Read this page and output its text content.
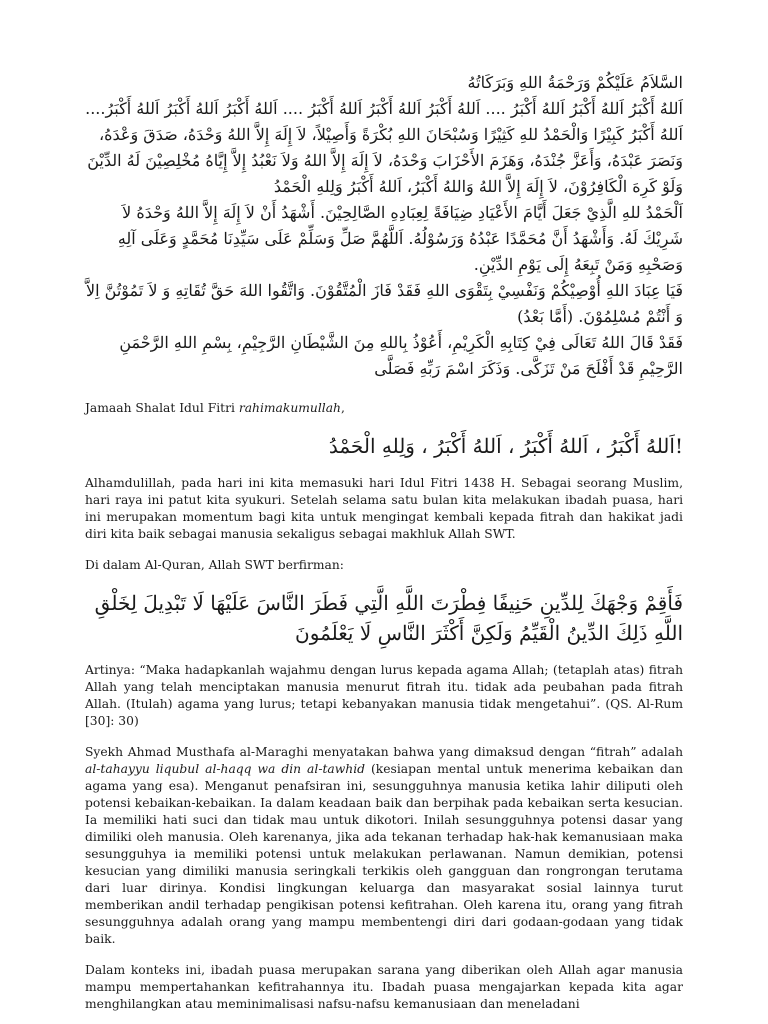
السَّلاَمُ عَلَيْكُمْ وَرَحْمَةُ اللهِ وَبَرَكَاتُهُ
اَللهُ أَكْبَرُ اَللهُ أَكْبَرُ اَللهُ أَكْبَرُ .... اَللهُ أَكْبَرُ اَللهُ أَكْبَرُ اَللهُ أَكْبَرُ .... اَللهُ أَكْبَرُ اَللهُ أَكْبَرُ اَللهُ أَكْبَرُ....
اَللهُ أَكْبَرُ كَبِيْرًا وَالْحَمْدُ للهِ كَثِيْرًا وَسُبْحَانَ اللهِ بُكْرَةً وَأَصِيْلاً، لاَ إِلَهَ إِلاَّ اللهُ وَحْدَهُ، صَدَقَ وَعْدَهُ، وَنَصَرَ عَبْدَهُ، وَأَعَزَّ جُنْدَهُ، وَهَزَمَ الأَحْزَابَ وَحْدَهُ، لاَ إِلَهَ إِلاَّ اللهُ وَلاَ نَعْبُدُ إِلاَّ إِيَّاهُ مُخْلِصِيْنَ لَهُ الدِّيْنَ وَلَوْ كَرِهَ الْكَافِرُوْنَ، لاَ إِلَهَ إِلاَّ اللهُ وَاللهُ أَكْبَرُ، اَللهُ أَكْبَرُ وَلِلهِ الْحَمْدُ
اَلْحَمْدُ للهِ الَّذِيْ جَعَلَ أَيَّامَ الأَعْيَادِ ضِيَافَةً لِعِبَادِهِ الصَّالِحِيْنَ. أَشْهَدُ أَنْ لاَ إِلَهَ إِلاَّ اللهُ وَحْدَهُ لاَ شَرِيْكَ لَهُ. وَأَشْهَدُ أَنَّ مُحَمَّدًا عَبْدُهُ وَرَسُوْلُهُ. اَللَّهُمَّ صَلِّ وَسَلِّمْ عَلَى سَيِّدِنَا مُحَمَّدٍ وَعَلَى آلِهِ وَصَحْبِهِ وَمَنْ تَبِعَهُ إِلَى يَوْمِ الدِّيْنِ.
فَيَا عِبَادَ اللهِ أُوْصِيْكُمْ وَنَفْسِيْ بِتَقْوَى اللهِ فَقَدْ فَازَ الْمُتَّقُوْنَ. وَاتَّقُوا اللهَ حَقَّ تُقَاتِهِ وَ لاَ تَمُوْتُنَّ اِلاَّ وَ أَنْتُمْ مُسْلِمُوْنَ. (أَمَّا بَعْدُ)
فَقَدْ قَالَ اللهُ تَعَالَى فِيْ كِتَابِهِ الْكَرِيْمِ، أَعُوْذُ بِاللهِ مِنَ الشَّيْطَانِ الرَّجِيْمِ، بِسْمِ اللهِ الرَّحْمَنِ الرَّحِيْمِ قَدْ أَفْلَحَ مَنْ تَزَكَّى. وَذَكَرَ اسْمَ رَبِّهِ فَصَلَّى

Jamaah Shalat Idul Fitri rahimakumullah,

!اَللهُ أَكْبَرُ ، اَللهُ أَكْبَرُ ، اَللهُ أَكْبَرُ ، وَلِلهِ الْحَمْدُ

Alhamdulillah, pada hari ini kita memasuki hari Idul Fitri 1438 H. Sebagai seorang Muslim, hari raya ini patut kita syukuri. Setelah selama satu bulan kita melakukan ibadah puasa, hari ini merupakan momentum bagi kita untuk mengingat kembali kepada fitrah dan hakikat jadi diri kita baik sebagai manusia sekaligus sebagai makhluk Allah SWT.

Di dalam Al-Quran, Allah SWT berfirman:

فَأَقِمْ وَجْهَكَ لِلدِّينِ حَنِيفًا فِطْرَتَ اللَّهِ الَّتِي فَطَرَ النَّاسَ عَلَيْهَا لَا تَبْدِيلَ لِخَلْقِ اللَّهِ ذَلِكَ الدِّينُ الْقَيِّمُ وَلَكِنَّ أَكْثَرَ النَّاسِ لَا يَعْلَمُونَ

Artinya: “Maka hadapkanlah wajahmu dengan lurus kepada agama Allah; (tetaplah atas) fitrah Allah yang telah menciptakan manusia menurut fitrah itu. tidak ada peubahan pada fitrah Allah. (Itulah) agama yang lurus; tetapi kebanyakan manusia tidak mengetahui”. (QS. Al-Rum [30]: 30)

Syekh Ahmad Musthafa al-Maraghi menyatakan bahwa yang dimaksud dengan “fitrah” adalah al-tahayyu liqubul al-haqq wa din al-tawhid (kesiapan mental untuk menerima kebaikan dan agama yang esa). Menganut penafsiran ini, sesungguhnya manusia ketika lahir diliputi oleh potensi kebaikan-kebaikan. Ia dalam keadaan baik dan berpihak pada kebaikan serta kesucian. Ia memiliki hati suci dan tidak mau untuk dikotori. Inilah sesungguhnya potensi dasar yang dimiliki oleh manusia. Oleh karenanya, jika ada tekanan terhadap hak-hak kemanusiaan maka sesungguhya ia memiliki potensi untuk melakukan perlawanan. Namun demikian, potensi kesucian yang dimiliki manusia seringkali terkikis oleh gangguan dan rongrongan terutama dari luar dirinya. Kondisi lingkungan keluarga dan masyarakat sosial lainnya turut memberikan andil terhadap pengikisan potensi kefitrahan. Oleh karena itu, orang yang fitrah sesungguhnya adalah orang yang mampu membentengi diri dari godaan-godaan yang tidak baik.

Dalam konteks ini, ibadah puasa merupakan sarana yang diberikan oleh Allah agar manusia mampu mempertahankan kefitrahannya itu. Ibadah puasa mengajarkan kepada kita agar menghilangkan atau meminimalisasi nafsu-nafsu kemanusiaan dan meneladani
